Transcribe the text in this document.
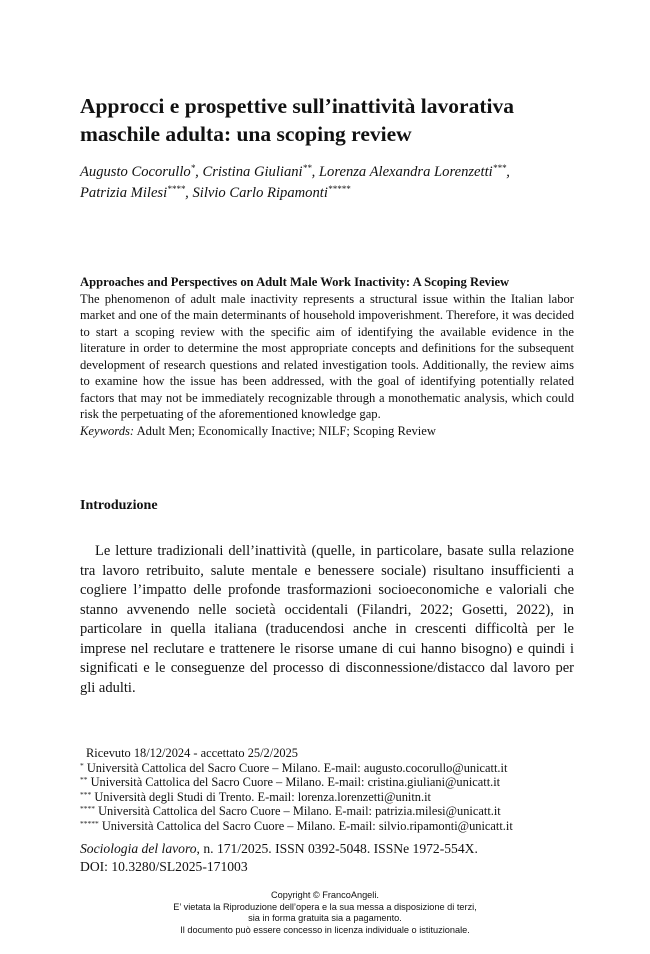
Approcci e prospettive sull’inattività lavorativa
maschile adulta: una scoping review

Augusto Cocorullo*, Cristina Giuliani**, Lorenza Alexandra Lorenzetti***,
Patrizia Milesi****, Silvio Carlo Ripamonti*****

Approaches and Perspectives on Adult Male Work Inactivity: A Scoping Review
The phenomenon of adult male inactivity represents a structural issue within the Italian labor market and one of the main determinants of household impoverishment. Therefore, it was decided to start a scoping review with the specific aim of identifying the available evidence in the literature in order to determine the most appropriate concepts and definitions for the subsequent development of research questions and related investigation tools. Additionally, the review aims to examine how the issue has been addressed, with the goal of identifying potentially related factors that may not be immediately recognizable through a monothematic analysis, which could risk the perpetuating of the aforementioned knowledge gap.
Keywords: Adult Men; Economically Inactive; NILF; Scoping Review
Introduzione

Le letture tradizionali dell’inattività (quelle, in particolare, basate sulla relazione tra lavoro retribuito, salute mentale e benessere sociale) risultano insufficienti a cogliere l’impatto delle profonde trasformazioni socioeconomiche e valoriali che stanno avvenendo nelle società occidentali (Filandri, 2022; Gosetti, 2022), in particolare in quella italiana (traducendosi anche in crescenti difficoltà per le imprese nel reclutare e trattenere le risorse umane di cui hanno bisogno) e quindi i significati e le conseguenze del processo di disconnessione/distacco dal lavoro per gli adulti.

Ricevuto 18/12/2024 - accettato 25/2/2025
* Università Cattolica del Sacro Cuore – Milano. E-mail: augusto.cocorullo@unicatt.it
** Università Cattolica del Sacro Cuore – Milano. E-mail: cristina.giuliani@unicatt.it
*** Università degli Studi di Trento. E-mail: lorenza.lorenzetti@unitn.it
**** Università Cattolica del Sacro Cuore – Milano. E-mail: patrizia.milesi@unicatt.it
***** Università Cattolica del Sacro Cuore – Milano. E-mail: silvio.ripamonti@unicatt.it
Sociologia del lavoro, n. 171/2025. ISSN 0392-5048. ISSNe 1972-554X.
DOI: 10.3280/SL2025-171003
Copyright © FrancoAngeli.
E’ vietata la Riproduzione dell’opera e la sua messa a disposizione di terzi,
sia in forma gratuita sia a pagamento.
Il documento può essere concesso in licenza individuale o istituzionale.
